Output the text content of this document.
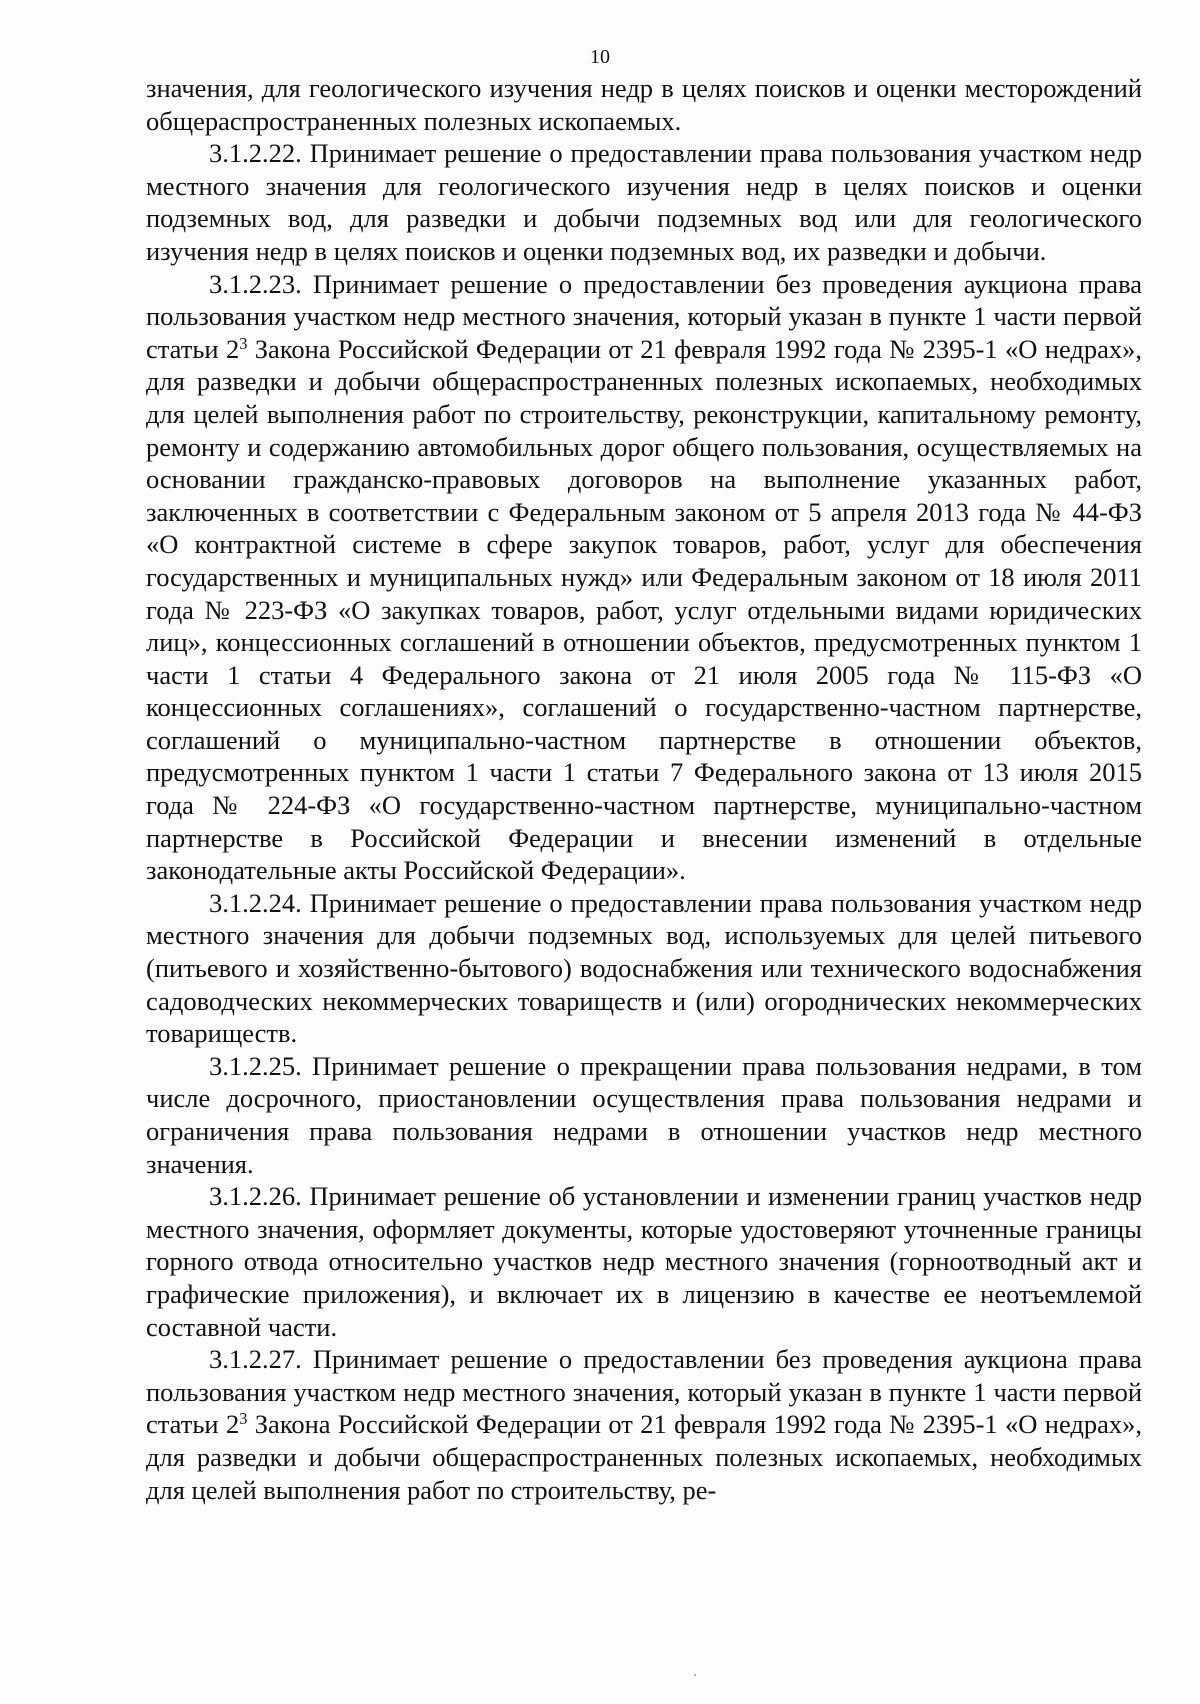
10

значения, для геологического изучения недр в целях поисков и оценки месторождений общераспространенных полезных ископаемых.

3.1.2.22. Принимает решение о предоставлении права пользования участком недр местного значения для геологического изучения недр в целях поисков и оценки подземных вод, для разведки и добычи подземных вод или для геологического изучения недр в целях поисков и оценки подземных вод, их разведки и добычи.

3.1.2.23. Принимает решение о предоставлении без проведения аукциона права пользования участком недр местного значения, который указан в пункте 1 части первой статьи $2^3$ Закона Российской Федерации от 21 февраля 1992 года № 2395-1 «О недрах», для разведки и добычи общераспространенных полезных ископаемых, необходимых для целей выполнения работ по строительству, реконструкции, капитальному ремонту, ремонту и содержанию автомобильных дорог общего пользования, осуществляемых на основании гражданско-правовых договоров на выполнение указанных работ, заключенных в соответствии с Федеральным законом от 5 апреля 2013 года № 44-ФЗ «О контрактной системе в сфере закупок товаров, работ, услуг для обеспечения государственных и муниципальных нужд» или Федеральным законом от 18 июля 2011 года № 223-ФЗ «О закупках товаров, работ, услуг отдельными видами юридических лиц», концессионных соглашений в отношении объектов, предусмотренных пунктом 1 части 1 статьи 4 Федерального закона от 21 июля 2005 года № 115-ФЗ «О концессионных соглашениях», соглашений о государственно-частном партнерстве, соглашений о муниципально-частном партнерстве в отношении объектов, предусмотренных пунктом 1 части 1 статьи 7 Федерального закона от 13 июля 2015 года № 224-ФЗ «О государственно-частном партнерстве, муниципально-частном партнерстве в Российской Федерации и внесении изменений в отдельные законодательные акты Российской Федерации».

3.1.2.24. Принимает решение о предоставлении права пользования участком недр местного значения для добычи подземных вод, используемых для целей питьевого (питьевого и хозяйственно-бытового) водоснабжения или технического водоснабжения садоводческих некоммерческих товариществ и (или) огороднических некоммерческих товариществ.

3.1.2.25. Принимает решение о прекращении права пользования недрами, в том числе досрочного, приостановлении осуществления права пользования недрами и ограничения права пользования недрами в отношении участков недр местного значения.

3.1.2.26. Принимает решение об установлении и изменении границ участков недр местного значения, оформляет документы, которые удостоверяют уточненные границы горного отвода относительно участков недр местного значения (горноотводный акт и графические приложения), и включает их в лицензию в качестве ее неотъемлемой составной части.

3.1.2.27. Принимает решение о предоставлении без проведения аукциона права пользования участком недр местного значения, который указан в пункте 1 части первой статьи $2^3$ Закона Российской Федерации от 21 февраля 1992 года № 2395-1 «О недрах», для разведки и добычи общераспространенных полезных ископаемых, необходимых для целей выполнения работ по строительству, ре-
